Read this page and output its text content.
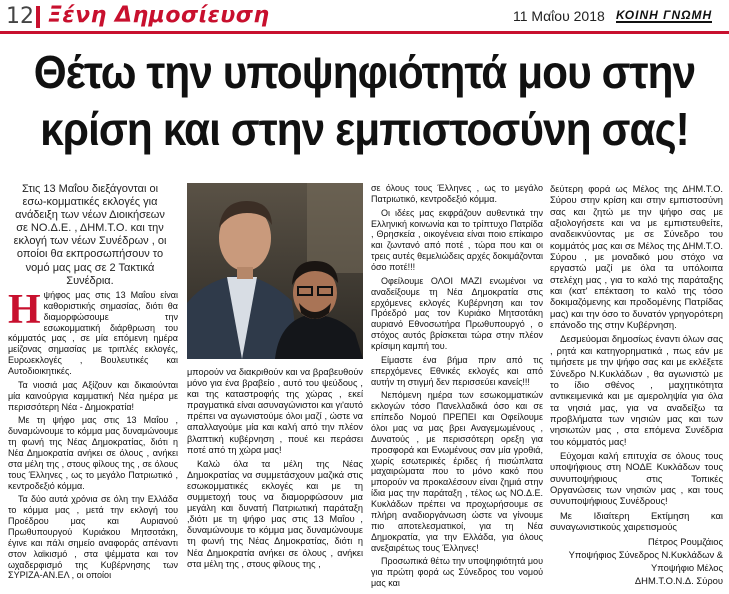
12 Ξένη Δημοσίευση	11 Μαΐου 2018 ΚΟΙΝΗ ΓΝΩΜΗ
Θέτω την υποψηφιότητά μου στην
κρίση και στην εμπιστοσύνη σας!
Στις 13 Μαΐου διεξάγονται οι εσω-κομματικές εκλογές για ανάδειξη των νέων Διοικήσεων σε ΝΟ.Δ.Ε. , ΔΗΜ.Τ.Ο. και την εκλογή των νέων Συνέδρων , οι οποίοι θα εκπροσωπήσουν το νομό μας μας σε 2 Τακτικά Συνέδρια.

Ηψήφος μας στις 13 Μαΐου είναι καθοριστικής σημασίας, διότι θα διαμορφώσουμε την εσωκομματική διάρθρωση του κόμματός μας , σε μία επόμενη ημέρα μείζονας σημασίας με τριπλές εκλογές, Ευρωεκλογές , Βουλευτικές και Αυτοδιοικητικές.

Τα νιοσιά μας Αξίζουν και δικαιούνται μία καινούργια καμματική Νέα ημέρα με περισσότερη Νέα - Δημοκρατία!

Με τη ψήφο μας στις 13 Μαΐου , δυναμώνουμε το κόμμα μας δυναμώνουμε τη φωνή της Νέας Δημοκρατίας, διότι η Νέα Δημοκρατία ανήκει σε όλους , ανήκει στα μέλη της , στους φίλους της , σε όλους τους Έλληνες , ως το μεγάλο Πατριωτικό , κεντροδεξιό κόμμα.

Τα δύο αυτά χρόνια σε όλη την Ελλάδα το κόμμα μας , μετά την εκλογή του Προέδρου μας και Αυριανού Πρωθυπουργού Κυριάκου Μητσοτάκη, έγινε και πάλι σημείο αναφοράς απέναντι στον λαϊκισμό , στα ψέμματα και τον ωχαδερφισμό της Κυβέρνησης των ΣΥΡΙΖΑ-ΑΝ.ΕΛ , οι οποίοι

μπορούν να διακριθούν και να βραβευθούν μόνο για ένα βραβείο , αυτό του ψεύδους , και της καταστροφής της χώρας , εκεί πραγματικά είναι ασυναγώνιστοι και γι'αυτό πρέπει να αγωνιστούμε όλοι μαζί , ώστε να απαλλαγούμε μία και καλή από την πλέον βλαπτική κυβέρνηση , πουέ κει περάσει ποτέ από τη χώρα μας!

Καλώ όλα τα μέλη της Νέας Δημοκρατίας να συμμετάσχουν μαζικά στις εσωκομματικές εκλογές και με τη συμμετοχή τους να διαμορφώσουν μια μεγάλη και δυνατή Πατριωτική παράταξη ,διότι με τη ψήφο μας στις 13 Μαΐου , δυναμώνουμε το κόμμα μας δυναμώνουμε τη φωνή της Νέας Δημοκρατίας, διότι η Νέα Δημοκρατία ανήκει σε όλους , ανήκει στα μέλη της , στους φίλους της ,

σε όλους τους Έλληνες , ως το μεγάλο Πατριωτικό, κεντροδεξιό κόμμα.

Οι ιδέες μας εκφράζουν αυθεντικά την Ελληνική κοινωνία και το τρίπτυχο Πατρίδα , Θρησκεία , οικογένεια είναι ποιο επίκαιρο και ζωντανό από ποτέ , τώρα που και οι τρεις αυτές θεμελιώδεις αρχές δοκιμάζονται όσο ποτέ!!!

Οφείλουμε ΟΛΟΙ ΜΑΖΙ ενωμένοι να αναδείξουμε τη Νέα Δημοκρατία στις ερχόμενες εκλογές Κυβέρνηση και τον Πρόεδρό μας τον Κυριάκο Μητσοτάκη αυριανό Εθνοσωτήρα Πρωθυπουργό , ο στόχος αυτός βρίσκεται τώρα στην πλέον κρίσιμη καμπή του.

Είμαστε ένα βήμα πριν από τις επερχόμενες Εθνικές εκλογές και από αυτήν τη στιγμή δεν περισσεύει κανείς!!!

Νεπόμενη ημέρα των εσωκομματικών εκλογών τόσο Πανελλαδικά όσο και σε επίπεδο Νομού ΠΡΕΠΕΙ και Οφείλουμε όλοι μας να μας βρει Αναγεμωμένους , Δυνατούς , με περισσότερη ορεξη για προσφορά και Ενωμένους σαν μία γροθιά, χωρίς εσωτερικές έριδες ή πισώπλατα μαχαιρώματα που το μόνο κακό που μπορούν να προκαλέσουν είναι ζημιά στην ίδια μας την παράταξη , τέλος ως ΝΟ.Δ.Ε. Κυκλάδων πρέπει να προχωρήσουμε σε πλήρη αναδιοργάνωση ώστε να γίνουμε πιο αποτελεσματικοί, για τη Νέα Δημοκρατία, για την Ελλάδα, για όλους ανεξαιρέτως τους Έλληνες!

Προσωπικά θέτω την υποψηφιότητά μου για πρώτη φορά ως Σύνεδρος του νομού μας και

δεύτερη φορά ως Μέλος της ΔΗΜ.Τ.Ο. Σύρου στην κρίση και στην εμπιστοσύνη σας και ζητώ με την ψήφο σας με αξιολογήσετε και να με εμπιστευθείτε, αναδεικνύοντας με σε Σύνεδρο του κομμάτός μας και σε Μέλος της ΔΗΜ.Τ.Ο. Σύρου , με μοναδικό μου στόχο να εργαστώ μαζί με όλα τα υπόλοιπα στελέχη μας , για το καλό της παράταξης και (κατ' επέκταση το καλό της τόσο δοκιμαζόμενης και προδομένης Πατρίδας μας) και την όσο το δυνατόν γρηγορότερη επάνοδο της στην Κυβέρνηση.

Δεσμεύομαι δημοσίως έναντι όλων σας , ρητά και κατηγορηματικά , πως εάν με τιμήσετε με την ψήφο σας και με εκλέξετε Σύνεδρο Ν.Κυκλάδων , θα αγωνιστώ με το ίδιο σθένος , μαχητικότητα αντικειμενικά και με αμεροληψία για όλα τα νησιά μας, για να αναδείξω τα προβλήματα των νησιών μας και των νησιωτών μας , στα επόμενα Συνέδρια του κόμματός μας!

Εύχομαι καλή επιτυχία σε όλους τους υποψήφιους στη ΝΟΔΕ Κυκλάδων τους συνυποψήφιους στις Τοπικές Οργανώσεις των νησιών μας , και τους συνυποψήφιους Συνέδρους!

Με Ιδιαίτερη Εκτίμηση και συναγωνιστικούς χαιρετισμούς

Πέτρος Ρουμζάιος
Υποψήφιος Σύνεδρος Ν.Κυκλάδων &
Υποψήφιο Μέλος
ΔΗΜ.Τ.Ο.Ν.Δ. Σύρου
